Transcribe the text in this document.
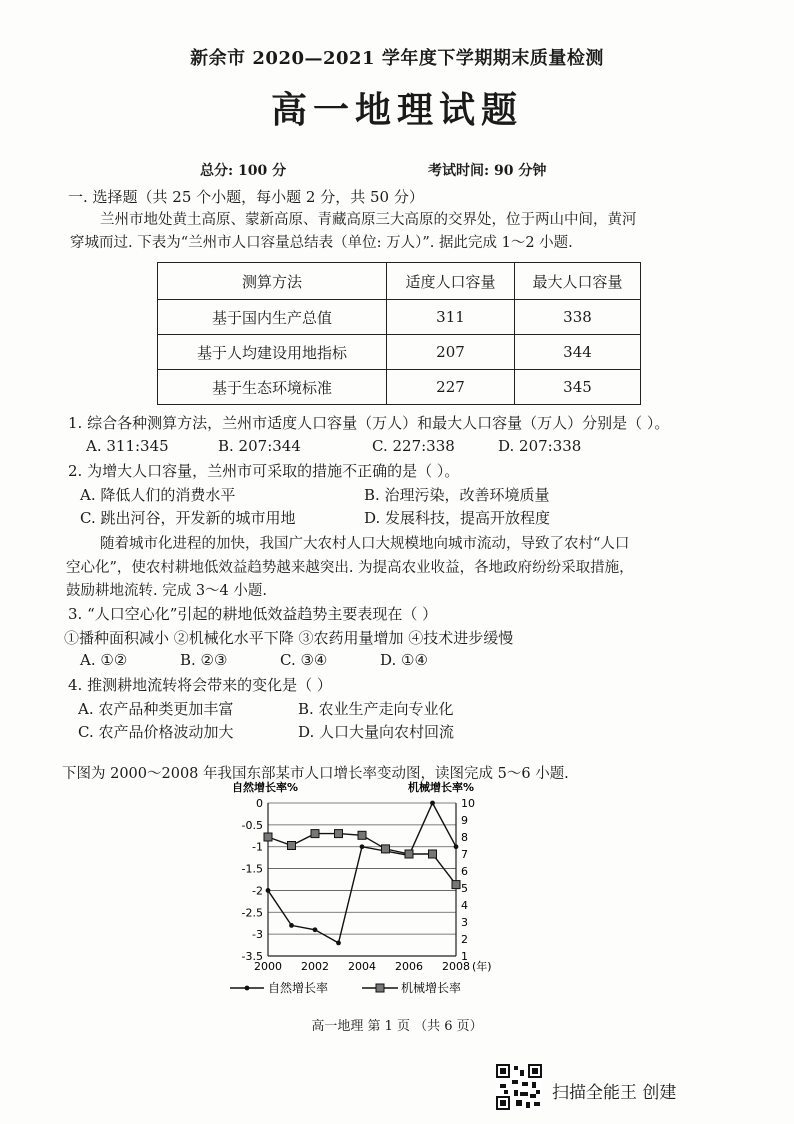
新余市 2020—2021 学年度下学期期末质量检测
高一地理试题
总分: 100 分	考试时间: 90 分钟
一. 选择题（共 25 个小题，每小题 2 分，共 50 分）
兰州市地处黄土高原、蒙新高原、青藏高原三大高原的交界处，位于两山中间，黄河
穿城而过. 下表为“兰州市人口容量总结表（单位: 万人）”. 据此完成 1～2 小题.
测算方法	适度人口容量	最大人口容量
基于国内生产总值	311	338
基于人均建设用地指标	207	344
基于生态环境标准	227	345
1. 综合各种测算方法，兰州市适度人口容量（万人）和最大人口容量（万人）分别是（ ）。
A. 311:345	B. 207:344	C. 227:338	D. 207:338
2. 为增大人口容量，兰州市可采取的措施不正确的是（ ）。
A. 降低人们的消费水平	B. 治理污染，改善环境质量
C. 跳出河谷，开发新的城市用地	D. 发展科技，提高开放程度
随着城市化进程的加快，我国广大农村人口大规模地向城市流动，导致了农村“人口
空心化”，使农村耕地低效益趋势越来越突出. 为提高农业收益，各地政府纷纷采取措施，
鼓励耕地流转. 完成 3～4 小题.
3. “人口空心化”引起的耕地低效益趋势主要表现在（ ）
①播种面积减小 ②机械化水平下降 ③农药用量增加 ④技术进步缓慢
A. ①②	B. ②③	C. ③④	D. ①④
4. 推测耕地流转将会带来的变化是（ ）
A. 农产品种类更加丰富	B. 农业生产走向专业化
C. 农产品价格波动加大	D. 人口大量向农村回流
下图为 2000～2008 年我国东部某市人口增长率变动图，读图完成 5～6 小题.
0
-0.5
-1
-1.5
-2
-2.5
-3
-3.5
10
9
8
7
6
5
4
3
2
1
2000 2002 2004 2006 2008 (年)
自然增长率%	机械增长率%
自然增长率	机械增长率
高一地理 第 1 页 （共 6 页）
扫描全能王 创建
